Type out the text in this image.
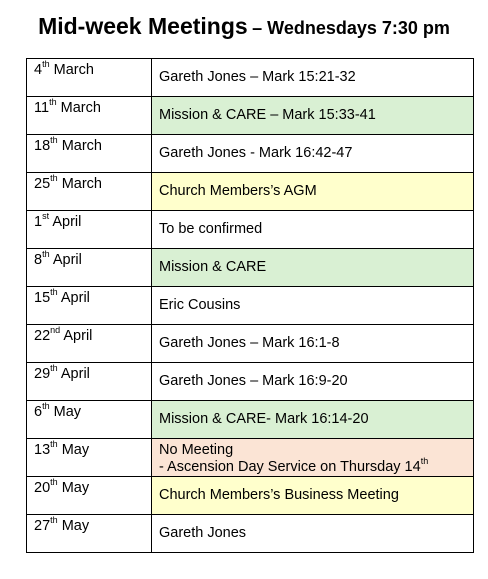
Mid-week Meetings – Wednesdays 7:30 pm
4th March	Gareth Jones – Mark 15:21-32
11th March	Mission & CARE – Mark 15:33-41
18th March	Gareth Jones - Mark 16:42-47
25th March	Church Members’s AGM
1st April	To be confirmed
8th April	Mission & CARE
15th April	Eric Cousins
22nd April	Gareth Jones – Mark 16:1-8
29th April	Gareth Jones – Mark 16:9-20
6th May	Mission & CARE- Mark 16:14-20
13th May	No Meeting
- Ascension Day Service on Thursday 14th

20th May	Church Members’s Business Meeting
27th May	Gareth Jones
